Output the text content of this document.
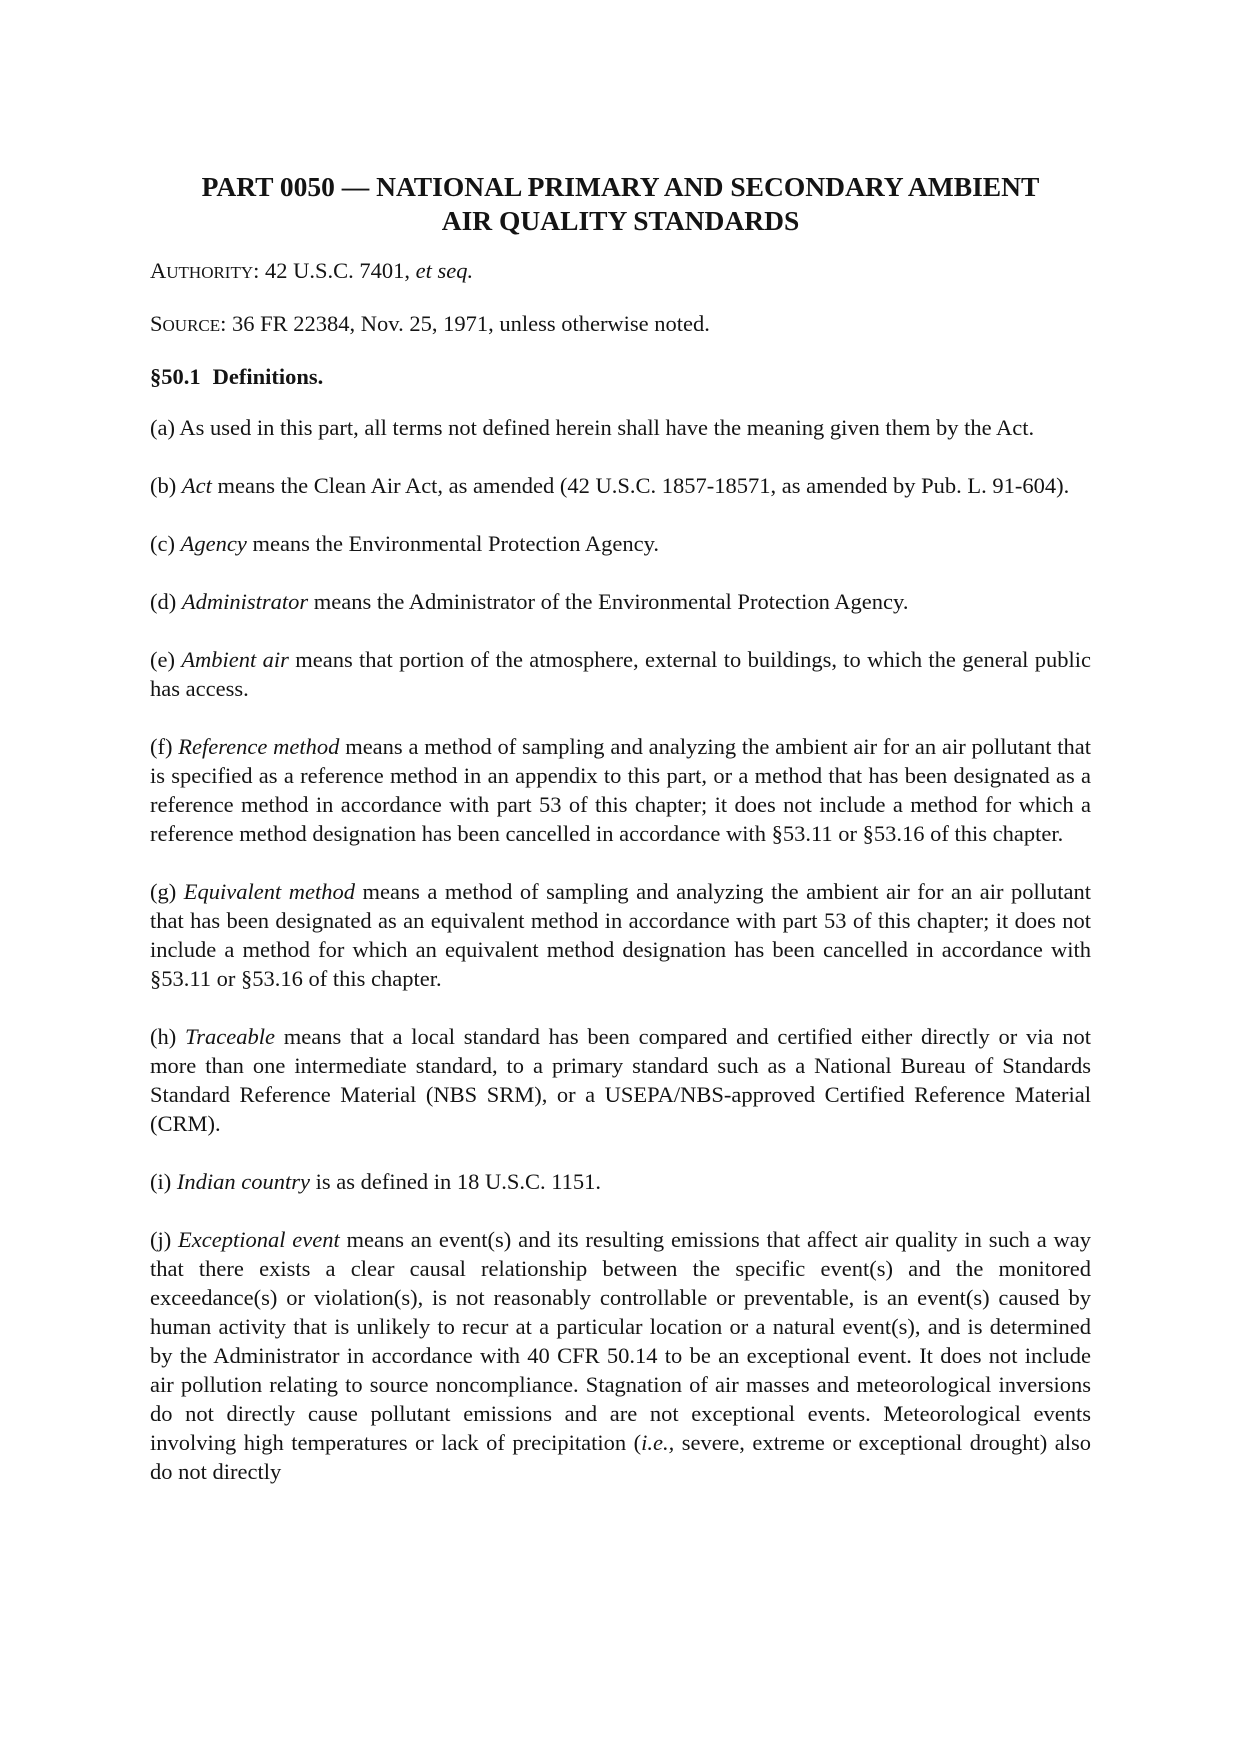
PART 0050 — NATIONAL PRIMARY AND SECONDARY AMBIENT
AIR QUALITY STANDARDS

AUTHORITY: 42 U.S.C. 7401, et seq.

SOURCE: 36 FR 22384, Nov. 25, 1971, unless otherwise noted.

§50.1 Definitions.

(a) As used in this part, all terms not defined herein shall have the meaning given them by the Act.

(b) Act means the Clean Air Act, as amended (42 U.S.C. 1857-18571, as amended by Pub. L. 91-604).

(c) Agency means the Environmental Protection Agency.

(d) Administrator means the Administrator of the Environmental Protection Agency.

(e) Ambient air means that portion of the atmosphere, external to buildings, to which the general public has access.

(f) Reference method means a method of sampling and analyzing the ambient air for an air pollutant that is specified as a reference method in an appendix to this part, or a method that has been designated as a reference method in accordance with part 53 of this chapter; it does not include a method for which a reference method designation has been cancelled in accordance with §53.11 or §53.16 of this chapter.

(g) Equivalent method means a method of sampling and analyzing the ambient air for an air pollutant that has been designated as an equivalent method in accordance with part 53 of this chapter; it does not include a method for which an equivalent method designation has been cancelled in accordance with §53.11 or §53.16 of this chapter.

(h) Traceable means that a local standard has been compared and certified either directly or via not more than one intermediate standard, to a primary standard such as a National Bureau of Standards Standard Reference Material (NBS SRM), or a USEPA/NBS-approved Certified Reference Material (CRM).

(i) Indian country is as defined in 18 U.S.C. 1151.

(j) Exceptional event means an event(s) and its resulting emissions that affect air quality in such a way that there exists a clear causal relationship between the specific event(s) and the monitored exceedance(s) or violation(s), is not reasonably controllable or preventable, is an event(s) caused by human activity that is unlikely to recur at a particular location or a natural event(s), and is determined by the Administrator in accordance with 40 CFR 50.14 to be an exceptional event. It does not include air pollution relating to source noncompliance. Stagnation of air masses and meteorological inversions do not directly cause pollutant emissions and are not exceptional events. Meteorological events involving high temperatures or lack of precipitation (i.e., severe, extreme or exceptional drought) also do not directly
